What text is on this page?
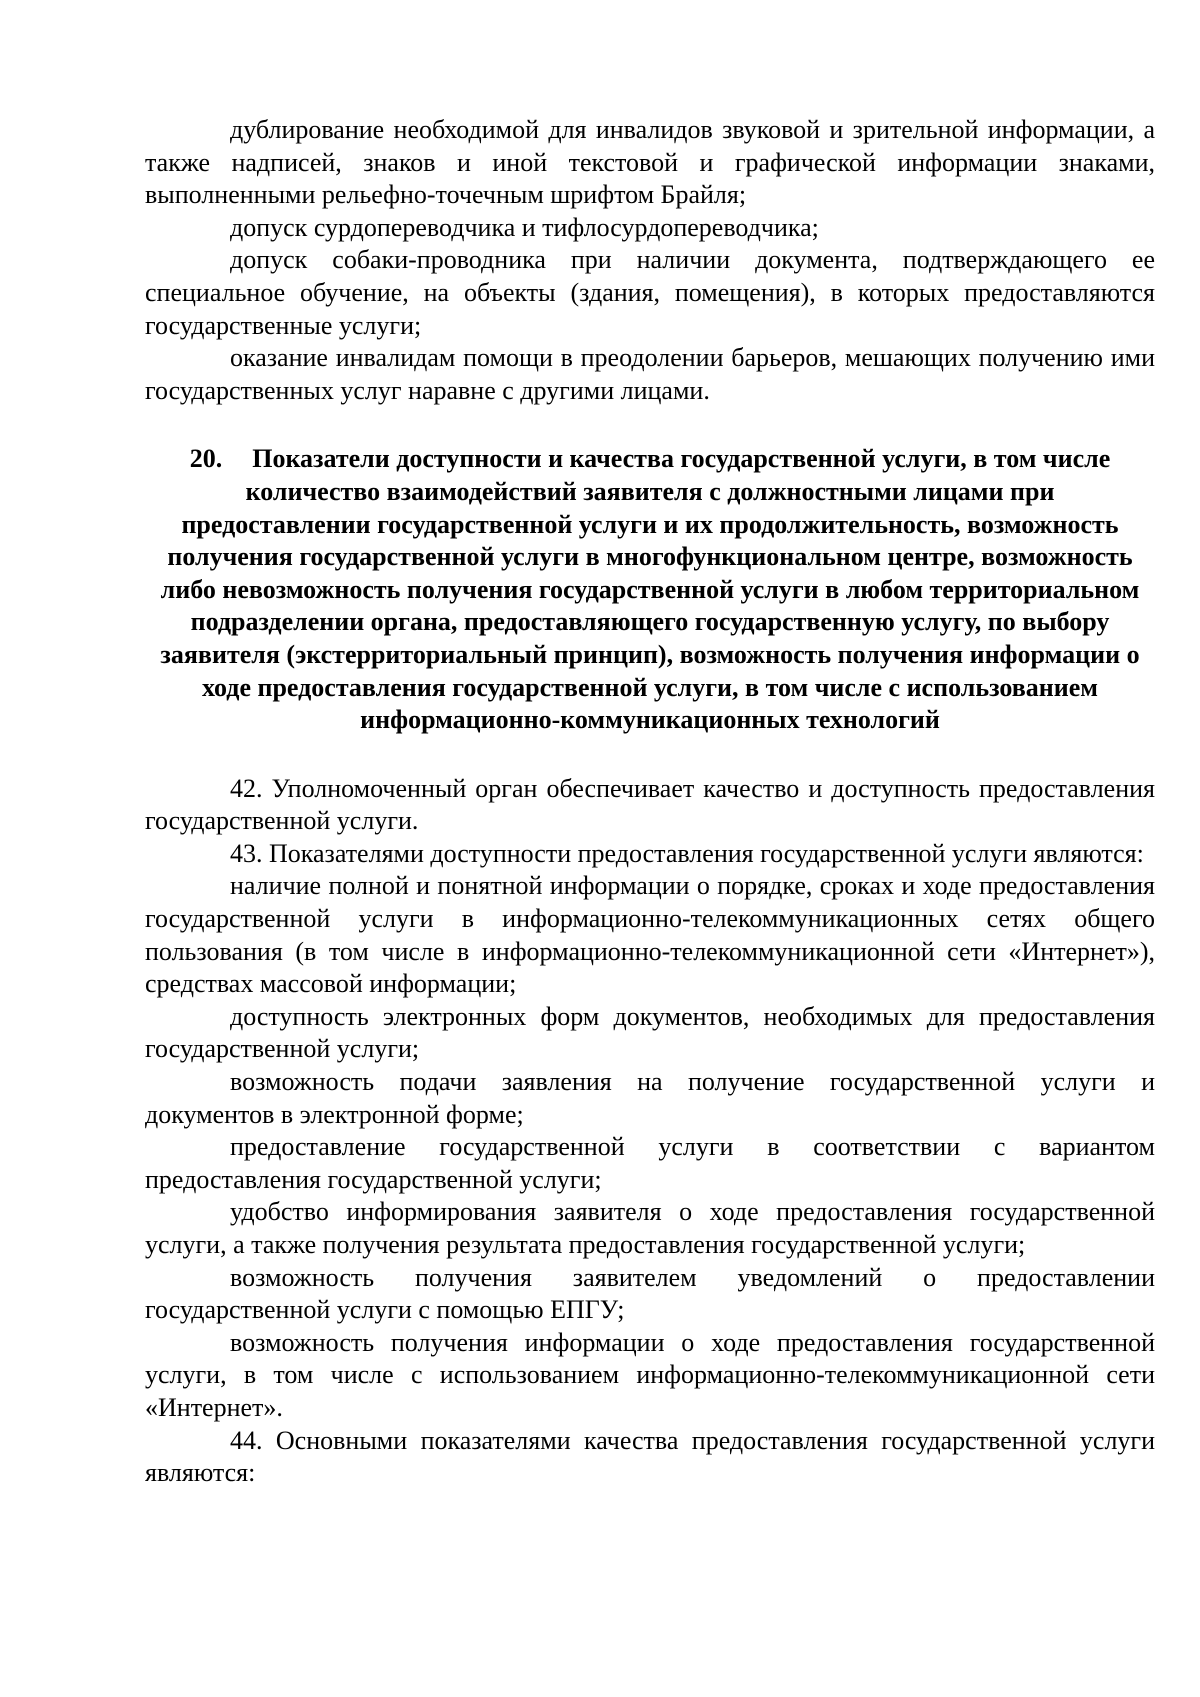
дублирование необходимой для инвалидов звуковой и зрительной информации, а также надписей, знаков и иной текстовой и графической информации знаками, выполненными рельефно-точечным шрифтом Брайля;

допуск сурдопереводчика и тифлосурдопереводчика;

допуск собаки-проводника при наличии документа, подтверждающего ее специальное обучение, на объекты (здания, помещения), в которых предоставляются государственные услуги;

оказание инвалидам помощи в преодолении барьеров, мешающих получению ими государственных услуг наравне с другими лицами.

20. Показатели доступности и качества государственной услуги, в том числе количество взаимодействий заявителя с должностными лицами при предоставлении государственной услуги и их продолжительность, возможность получения государственной услуги в многофункциональном центре, возможность либо невозможность получения государственной услуги в любом территориальном подразделении органа, предоставляющего государственную услугу, по выбору заявителя (экстерриториальный принцип), возможность получения информации о ходе предоставления государственной услуги, в том числе с использованием информационно-коммуникационных технологий

42. Уполномоченный орган обеспечивает качество и доступность предоставления государственной услуги.

43. Показателями доступности предоставления государственной услуги являются:

наличие полной и понятной информации о порядке, сроках и ходе предоставления государственной услуги в информационно-телекоммуникационных сетях общего пользования (в том числе в информационно-телекоммуникационной сети «Интернет»), средствах массовой информации;

доступность электронных форм документов, необходимых для предоставления государственной услуги;

возможность подачи заявления на получение государственной услуги и документов в электронной форме;

предоставление государственной услуги в соответствии с вариантом предоставления государственной услуги;

удобство информирования заявителя о ходе предоставления государственной услуги, а также получения результата предоставления государственной услуги;

возможность получения заявителем уведомлений о предоставлении государственной услуги с помощью ЕПГУ;

возможность получения информации о ходе предоставления государственной услуги, в том числе с использованием информационно-телекоммуникационной сети «Интернет».

44. Основными показателями качества предоставления государственной услуги являются:
